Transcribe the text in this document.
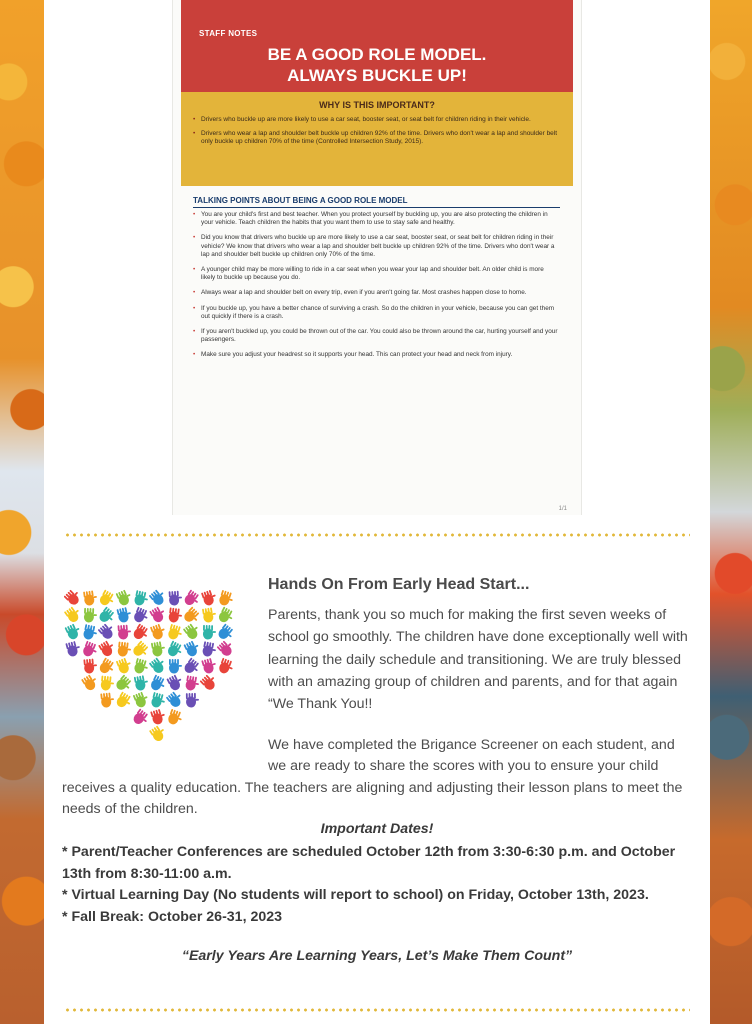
STAFF NOTES
BE A GOOD ROLE MODEL.
ALWAYS BUCKLE UP!
WHY IS THIS IMPORTANT?
• Drivers who buckle up are more likely to use a car seat, booster seat, or seat belt for children riding in their vehicle.
• Drivers who wear a lap and shoulder belt buckle up children 92% of the time. Drivers who don't wear a lap and shoulder belt only buckle up children 70% of the time (Controlled Intersection Study, 2015).
TALKING POINTS ABOUT BEING A GOOD ROLE MODEL
• You are your child's first and best teacher. When you protect yourself by buckling up, you are also protecting the children in your vehicle. Teach children the habits that you want them to use to stay safe and healthy.
• Did you know that drivers who buckle up are more likely to use a car seat, booster seat, or seat belt for children riding in their vehicle? We know that drivers who wear a lap and shoulder belt buckle up children 92% of the time. Drivers who don't wear a lap and shoulder belt buckle up children only 70% of the time.
• A younger child may be more willing to ride in a car seat when you wear your lap and shoulder belt. An older child is more likely to buckle up because you do.
• Always wear a lap and shoulder belt on every trip, even if you aren't going far. Most crashes happen close to home.
• If you buckle up, you have a better chance of surviving a crash. So do the children in your vehicle, because you can get them out quickly if there is a crash.
• If you aren't buckled up, you could be thrown out of the car. You could also be thrown around the car, hurting yourself and your passengers.
• Make sure you adjust your headrest so it supports your head. This can protect your head and neck from injury.
1/1
Hands On From Early Head Start...
Parents, thank you so much for making the first seven weeks of school go smoothly. The children have done exceptionally well with learning the daily schedule and transitioning. We are truly blessed with an amazing group of children and parents, and for that again “We Thank You!!
We have completed the Brigance Screener on each student, and we are ready to share the scores with you to ensure your child
receives a quality education. The teachers are aligning and adjusting their lesson plans to meet the needs of the children.
Important Dates!
* Parent/Teacher Conferences are scheduled October 12th from 3:30-6:30 p.m. and October 13th from 8:30-11:00 a.m.
* Virtual Learning Day (No students will report to school) on Friday, October 13th, 2023.
* Fall Break: October 26-31, 2023
“Early Years Are Learning Years, Let’s Make Them Count”
